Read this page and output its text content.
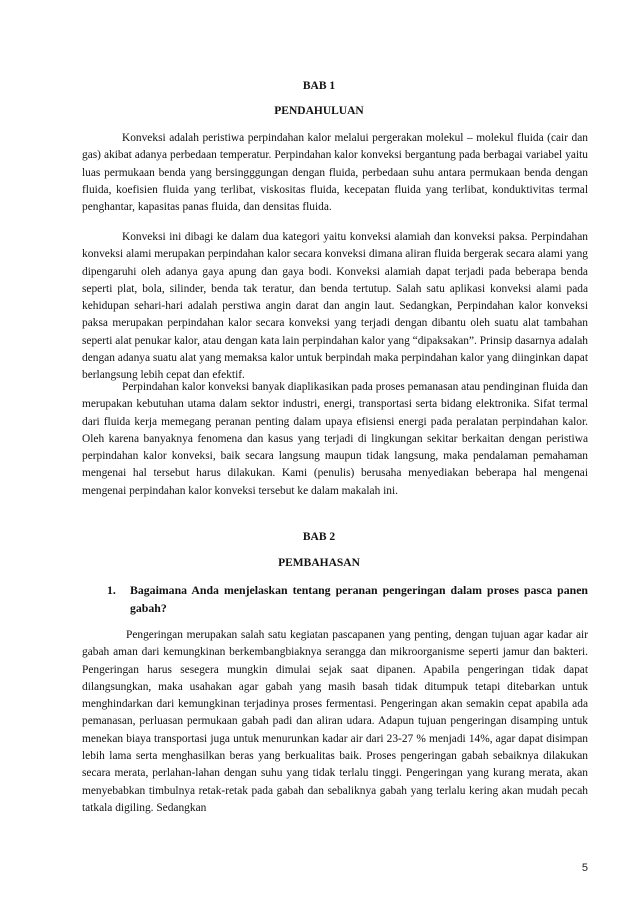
BAB 1

PENDAHULUAN

Konveksi adalah peristiwa perpindahan kalor melalui pergerakan molekul – molekul fluida (cair dan gas) akibat adanya perbedaan temperatur. Perpindahan kalor konveksi bergantung pada berbagai variabel yaitu luas permukaan benda yang bersingggungan dengan fluida, perbedaan suhu antara permukaan benda dengan fluida, koefisien fluida yang terlibat, viskositas fluida, kecepatan fluida yang terlibat, konduktivitas termal penghantar, kapasitas panas fluida, dan densitas fluida.

Konveksi ini dibagi ke dalam dua kategori yaitu konveksi alamiah dan konveksi paksa. Perpindahan konveksi alami merupakan perpindahan kalor secara konveksi dimana aliran fluida bergerak secara alami yang dipengaruhi oleh adanya gaya apung dan gaya bodi. Konveksi alamiah dapat terjadi pada beberapa benda seperti plat, bola, silinder, benda tak teratur, dan benda tertutup. Salah satu aplikasi konveksi alami pada kehidupan sehari-hari adalah perstiwa angin darat dan angin laut. Sedangkan, Perpindahan kalor konveksi paksa merupakan perpindahan kalor secara konveksi yang terjadi dengan dibantu oleh suatu alat tambahan seperti alat penukar kalor, atau dengan kata lain perpindahan kalor yang “dipaksakan”. Prinsip dasarnya adalah dengan adanya suatu alat yang memaksa kalor untuk berpindah maka perpindahan kalor yang diinginkan dapat berlangsung lebih cepat dan efektif.

Perpindahan kalor konveksi banyak diaplikasikan pada proses pemanasan atau pendinginan fluida dan merupakan kebutuhan utama dalam sektor industri, energi, transportasi serta bidang elektronika. Sifat termal dari fluida kerja memegang peranan penting dalam upaya efisiensi energi pada peralatan perpindahan kalor. Oleh karena banyaknya fenomena dan kasus yang terjadi di lingkungan sekitar berkaitan dengan peristiwa perpindahan kalor konveksi, baik secara langsung maupun tidak langsung, maka pendalaman pemahaman mengenai hal tersebut harus dilakukan. Kami (penulis) berusaha menyediakan beberapa hal mengenai mengenai perpindahan kalor konveksi tersebut ke dalam makalah ini.

BAB 2

PEMBAHASAN

1. Bagaimana Anda menjelaskan tentang peranan pengeringan dalam proses pasca panen gabah?

Pengeringan merupakan salah satu kegiatan pascapanen yang penting, dengan tujuan agar kadar air gabah aman dari kemungkinan berkembangbiaknya serangga dan mikroorganisme seperti jamur dan bakteri. Pengeringan harus sesegera mungkin dimulai sejak saat dipanen. Apabila pengeringan tidak dapat dilangsungkan, maka usahakan agar gabah yang masih basah tidak ditumpuk tetapi ditebarkan untuk menghindarkan dari kemungkinan terjadinya proses fermentasi. Pengeringan akan semakin cepat apabila ada pemanasan, perluasan permukaan gabah padi dan aliran udara. Adapun tujuan pengeringan disamping untuk menekan biaya transportasi juga untuk menurunkan kadar air dari 23-27 % menjadi 14%, agar dapat disimpan lebih lama serta menghasilkan beras yang berkualitas baik. Proses pengeringan gabah sebaiknya dilakukan secara merata, perlahan-lahan dengan suhu yang tidak terlalu tinggi. Pengeringan yang kurang merata, akan menyebabkan timbulnya retak-retak pada gabah dan sebaliknya gabah yang terlalu kering akan mudah pecah tatkala digiling. Sedangkan

5
